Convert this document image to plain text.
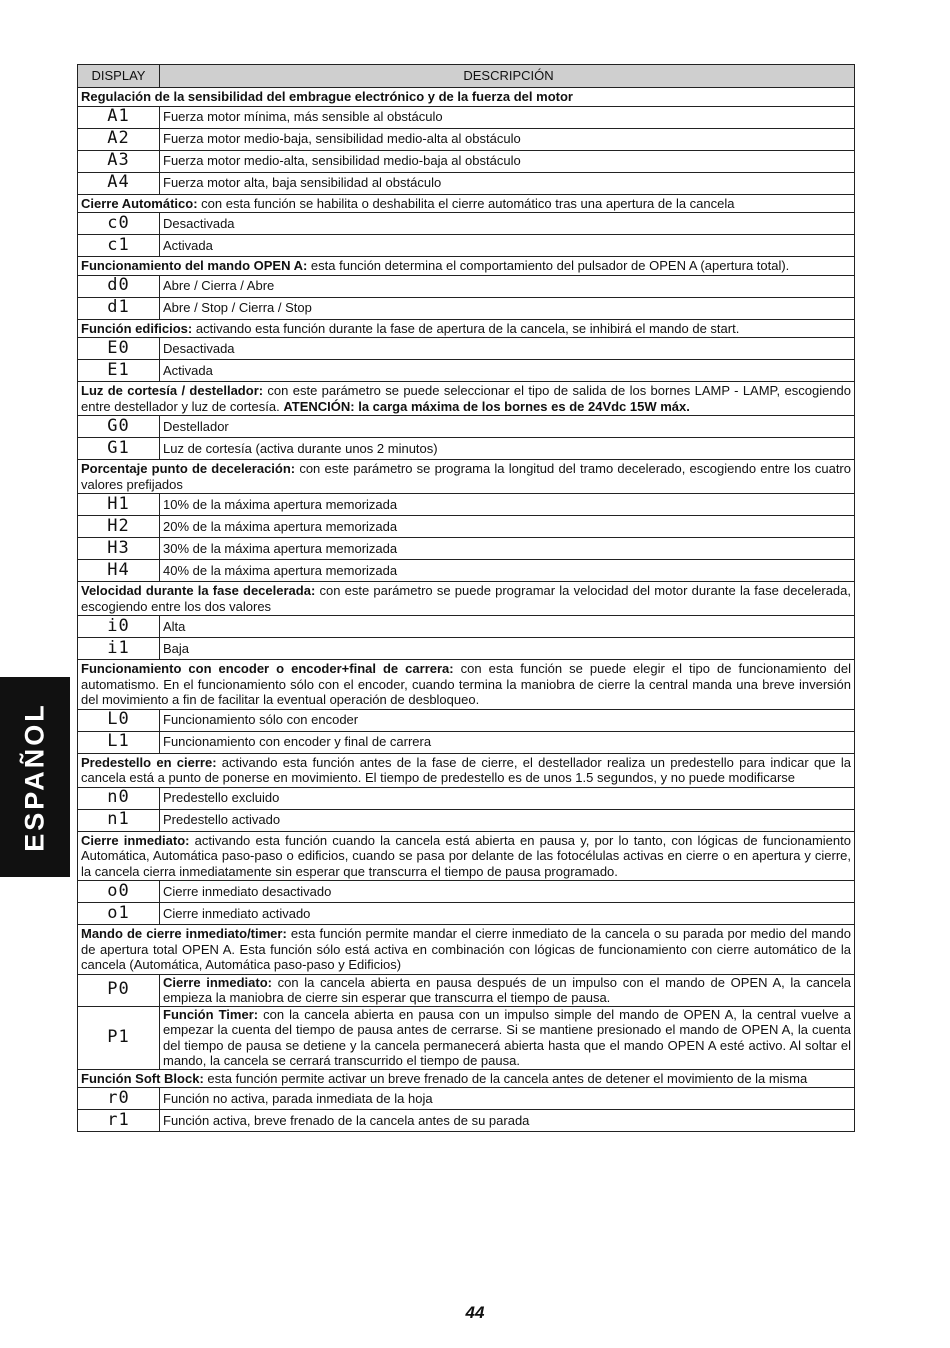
ESPAÑOL
DISPLAY	DESCRIPCIÓN
Regulación de la sensibilidad del embrague electrónico y de la fuerza del motor	
A1	Fuerza motor mínima, más sensible al obstáculo
A2	Fuerza motor medio-baja, sensibilidad medio-alta al obstáculo
A3	Fuerza motor medio-alta, sensibilidad medio-baja al obstáculo
A4	Fuerza motor alta, baja sensibilidad al obstáculo
Cierre Automático: con esta función se habilita o deshabilita el cierre automático tras una apertura de la cancela	
c0	Desactivada
c1	Activada
Funcionamiento del mando OPEN A: esta función determina el comportamiento del pulsador de OPEN A (apertura total).	
d0	Abre / Cierra / Abre
d1	Abre / Stop / Cierra / Stop
Función edificios: activando esta función durante la fase de apertura de la cancela, se inhibirá el mando de start.	
E0	Desactivada
E1	Activada
Luz de cortesía / destellador: con este parámetro se puede seleccionar el tipo de salida de los bornes LAMP - LAMP, escogiendo entre destellador y luz de cortesía. ATENCIÓN: la carga máxima de los bornes es de 24Vdc 15W máx.	
G0	Destellador
G1	Luz de cortesía (activa durante unos 2 minutos)
Porcentaje punto de deceleración: con este parámetro se programa la longitud del tramo decelerado, escogiendo entre los cuatro valores prefijados	
H1	10% de la máxima apertura memorizada
H2	20% de la máxima apertura memorizada
H3	30% de la máxima apertura memorizada
H4	40% de la máxima apertura memorizada
Velocidad durante la fase decelerada: con este parámetro se puede programar la velocidad del motor durante la fase decelerada, escogiendo entre los dos valores	
i0	Alta
i1	Baja
Funcionamiento con encoder o encoder+final de carrera: con esta función se puede elegir el tipo de funcionamiento del automatismo. En el funcionamiento sólo con el encoder, cuando termina la maniobra de cierre la central manda una breve inversión del movimiento a fin de facilitar la eventual operación de desbloqueo.	
L0	Funcionamiento sólo con encoder
L1	Funcionamiento con encoder y final de carrera
Predestello en cierre: activando esta función antes de la fase de cierre, el destellador realiza un predestello para indicar que la cancela está a punto de ponerse en movimiento. El tiempo de predestello es de unos 1.5 segundos, y no puede modificarse	
n0	Predestello excluido
n1	Predestello activado
Cierre inmediato: activando esta función cuando la cancela está abierta en pausa y, por lo tanto, con lógicas de funcionamiento Automática, Automática paso-paso o edificios, cuando se pasa por delante de las fotocélulas activas en cierre o en apertura y cierre, la cancela cierra inmediatamente sin esperar que transcurra el tiempo de pausa programado.	
o0	Cierre inmediato desactivado
o1	Cierre inmediato activado
Mando de cierre inmediato/timer: esta función permite mandar el cierre inmediato de la cancela o su parada por medio del mando de apertura total OPEN A. Esta función sólo está activa en combinación con lógicas de funcionamiento con cierre automático de la cancela (Automática, Automática paso-paso y Edificios)	
P0	Cierre inmediato: con la cancela abierta en pausa después de un impulso con el mando de OPEN A, la cancela empieza la maniobra de cierre sin esperar que transcurra el tiempo de pausa.
P1	Función Timer: con la cancela abierta en pausa con un impulso simple del mando de OPEN A, la central vuelve a empezar la cuenta del tiempo de pausa antes de cerrarse. Si se mantiene presionado el mando de OPEN A, la cuenta del tiempo de pausa se detiene y la cancela permanecerá abierta hasta que el mando OPEN A esté activo. Al soltar el mando, la cancela se cerrará transcurrido el tiempo de pausa.
Función Soft Block: esta función permite activar un breve frenado de la cancela antes de detener el movimiento de la misma	
r0	Función no activa, parada inmediata de la hoja
r1	Función activa, breve frenado de la cancela antes de su parada
44
